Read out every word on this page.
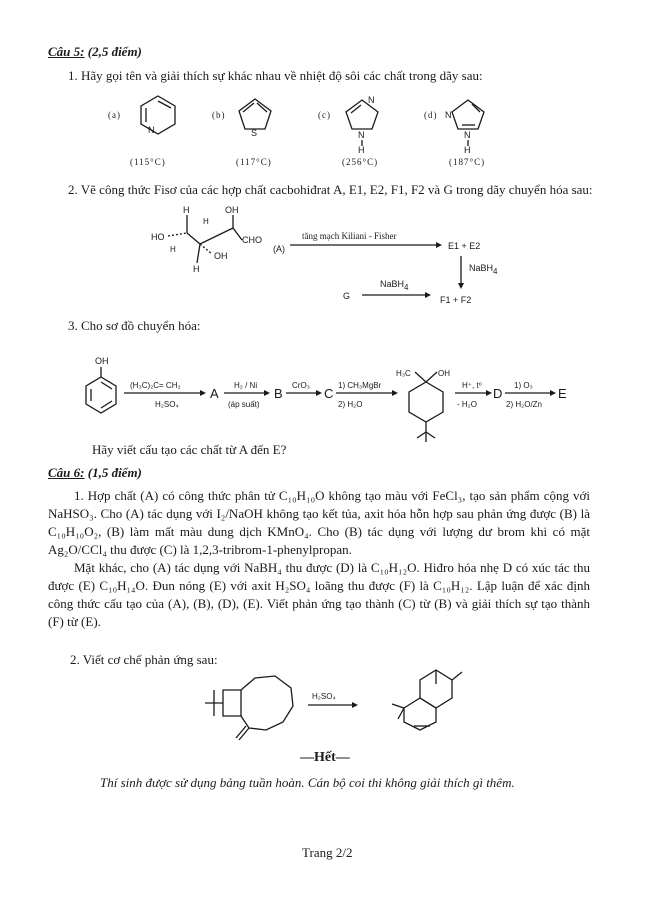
Câu 5: (2,5 điểm)
1. Hãy gọi tên và giải thích sự khác nhau về nhiệt độ sôi các chất trong dãy sau:
(a)
N
(115°C)
(b)
S
(117°C)
(c)
N
N
H
(256°C)
(d) N
N
H
(187°C)
2. Vẽ công thức Fisơ của các hợp chất cacbohiđrat A, E1, E2, F1, F2 và G trong dãy chuyển hóa sau:
H	OH
H
HO
H
CHO
OH
H
(A)
tăng mạch Kiliani - Fisher
E1 + E2
NaBH4
G
NaBH4
F1 + F2
3. Cho sơ đồ chuyển hóa:
OH
(H₃C)₂C= CH₂
H₂SO₄
A
H₂ / Ni
(áp suất)
B
CrO₃
C
1) CH₃MgBr
2) H₂O
H₃C	OH
H⁺, t⁰
- H₂O
D
1) O₃
2) H₂O/Zn
E
Hãy viết cấu tạo các chất từ A đến E?
Câu 6: (1,5 điểm)
1. Hợp chất (A) có công thức phân tử C₁₀H₁₀O không tạo màu với FeCl₃, tạo sản phẩm cộng với NaHSO₃. Cho (A) tác dụng với I₂/NaOH không tạo kết tủa, axit hóa hỗn hợp sau phản ứng được (B) là C₁₀H₁₀O₂, (B) làm mất màu dung dịch KMnO₄. Cho (B) tác dụng với lượng dư brom khi có mặt Ag₂O/CCl₄ thu được (C) là 1,2,3-tribrom-1-phenylpropan.
Mặt khác, cho (A) tác dụng với NaBH₄ thu được (D) là C₁₀H₁₂O. Hiđro hóa nhẹ D có xúc tác thu được (E) C₁₀H₁₄O. Đun nóng (E) với axit H₂SO₄ loãng thu được (F) là C₁₀H₁₂. Lập luận để xác định công thức cấu tạo của (A), (B), (D), (E). Viết phản ứng tạo thành (C) từ (B) và giải thích sự tạo thành (F) từ (E).
2. Viết cơ chế phản ứng sau:
H₂SO₄
—Hết—
Thí sinh được sử dụng bảng tuần hoàn. Cán bộ coi thi không giải thích gì thêm.
Trang 2/2
